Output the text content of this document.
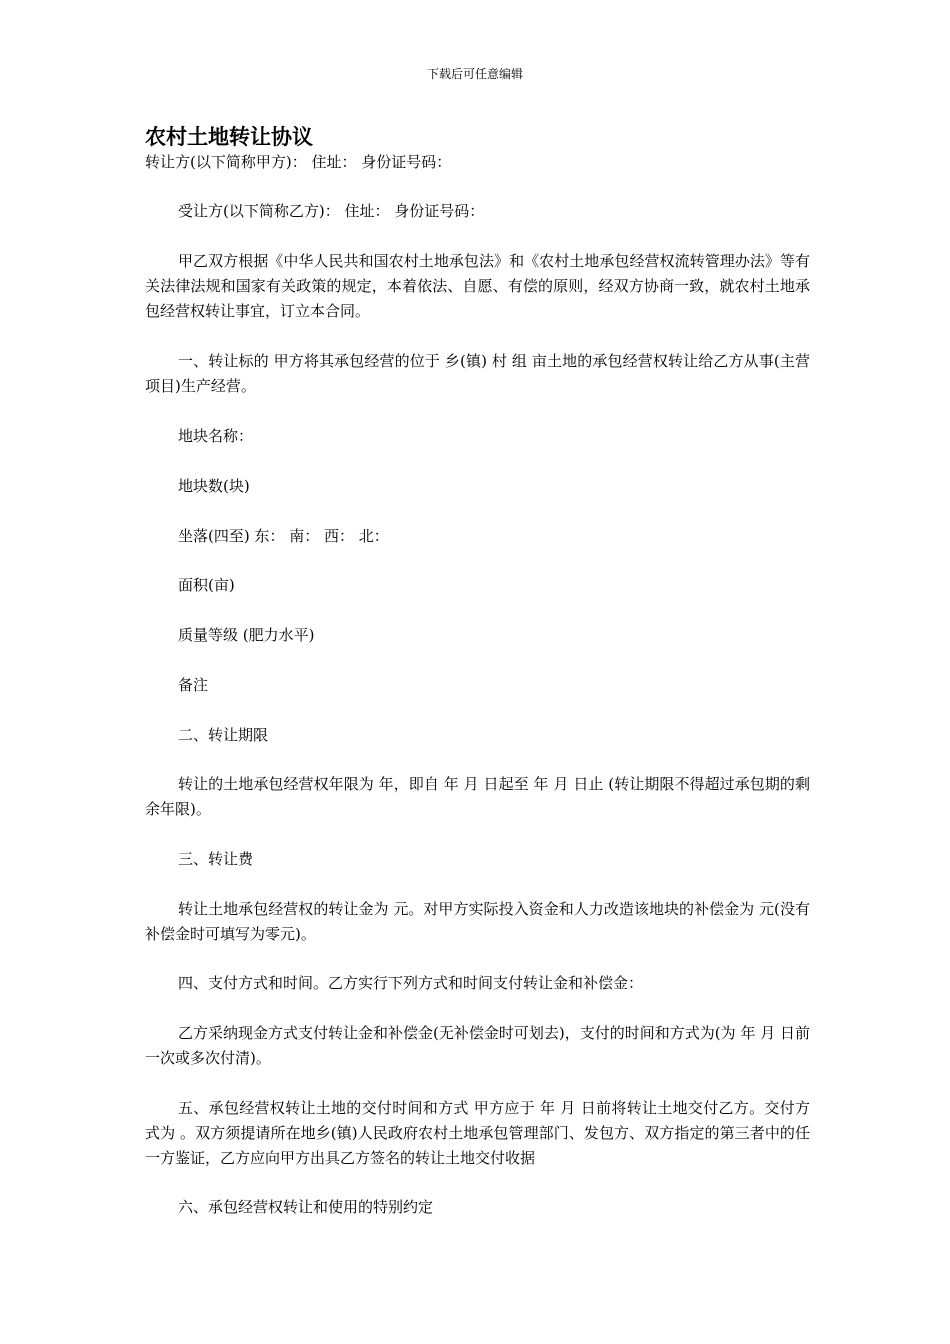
下载后可任意编辑
农村土地转让协议

转让方(以下简称甲方)： 住址： 身份证号码：

受让方(以下简称乙方)： 住址： 身份证号码：

甲乙双方根据《中华人民共和国农村土地承包法》和《农村土地承包经营权流转管理办法》等有关法律法规和国家有关政策的规定，本着依法、自愿、有偿的原则，经双方协商一致，就农村土地承包经营权转让事宜，订立本合同。

一、转让标的 甲方将其承包经营的位于 乡(镇) 村 组 亩土地的承包经营权转让给乙方从事(主营项目)生产经营。

地块名称：

地块数(块)

坐落(四至) 东： 南： 西： 北：

面积(亩)

质量等级 (肥力水平)

备注

二、转让期限

转让的土地承包经营权年限为 年，即自 年 月 日起至 年 月 日止 (转让期限不得超过承包期的剩余年限)。

三、转让费

转让土地承包经营权的转让金为 元。对甲方实际投入资金和人力改造该地块的补偿金为 元(没有补偿金时可填写为零元)。

四、支付方式和时间。乙方实行下列方式和时间支付转让金和补偿金：

乙方采纳现金方式支付转让金和补偿金(无补偿金时可划去)，支付的时间和方式为(为 年 月 日前一次或多次付清)。

五、承包经营权转让土地的交付时间和方式 甲方应于 年 月 日前将转让土地交付乙方。交付方式为 。双方须提请所在地乡(镇)人民政府农村土地承包管理部门、发包方、双方指定的第三者中的任一方鉴证，乙方应向甲方出具乙方签名的转让土地交付收据

六、承包经营权转让和使用的特别约定
